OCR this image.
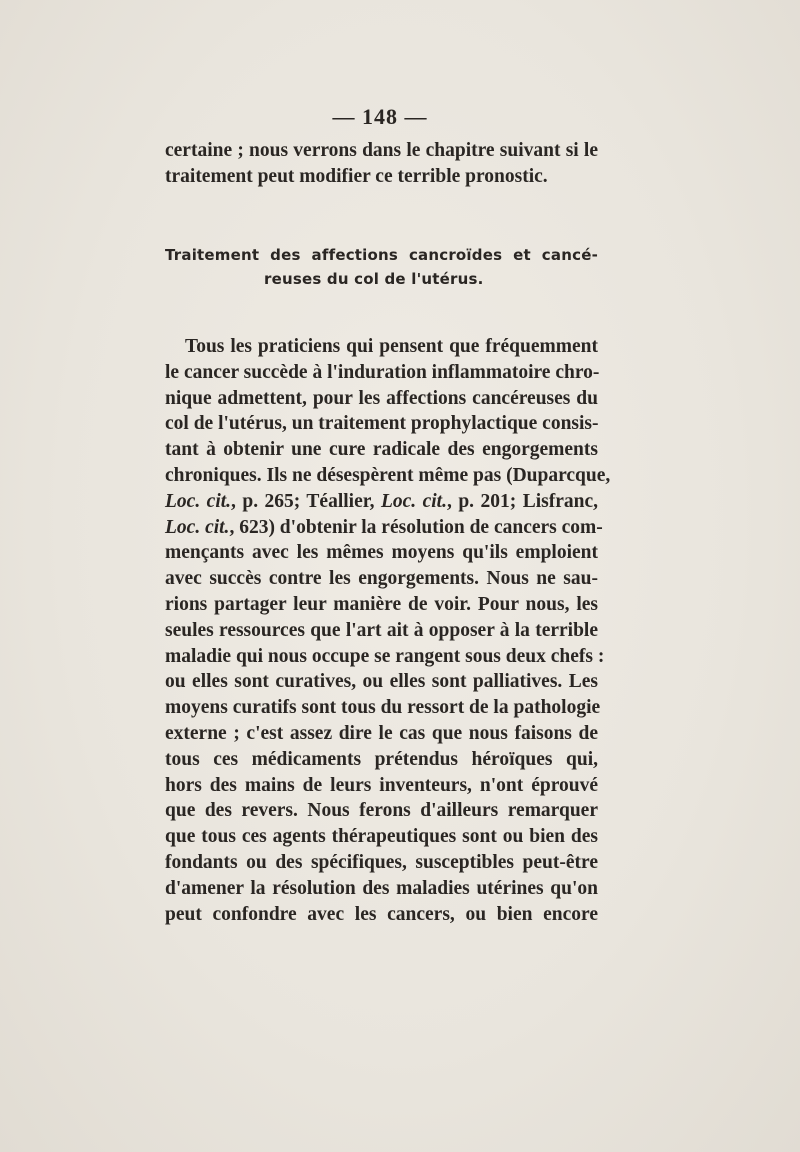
— 148 —
certaine ; nous verrons dans le chapitre suivant si le
traitement peut modifier ce terrible pronostic.
Traitement des affections cancroïdes et cancé-
reuses du col de l'utérus.
Tous les praticiens qui pensent que fréquemment
le cancer succède à l'induration inflammatoire chro-
nique admettent, pour les affections cancéreuses du
col de l'utérus, un traitement prophylactique consis-
tant à obtenir une cure radicale des engorgements
chroniques. Ils ne désespèrent même pas (Duparcque,
Loc. cit., p. 265; Téallier, Loc. cit., p. 201; Lisfranc,
Loc. cit., 623) d'obtenir la résolution de cancers com-
mençants avec les mêmes moyens qu'ils emploient
avec succès contre les engorgements. Nous ne sau-
rions partager leur manière de voir. Pour nous, les
seules ressources que l'art ait à opposer à la terrible
maladie qui nous occupe se rangent sous deux chefs :
ou elles sont curatives, ou elles sont palliatives. Les
moyens curatifs sont tous du ressort de la pathologie
externe ; c'est assez dire le cas que nous faisons de
tous ces médicaments prétendus héroïques qui,
hors des mains de leurs inventeurs, n'ont éprouvé
que des revers. Nous ferons d'ailleurs remarquer
que tous ces agents thérapeutiques sont ou bien des
fondants ou des spécifiques, susceptibles peut-être
d'amener la résolution des maladies utérines qu'on
peut confondre avec les cancers, ou bien encore
